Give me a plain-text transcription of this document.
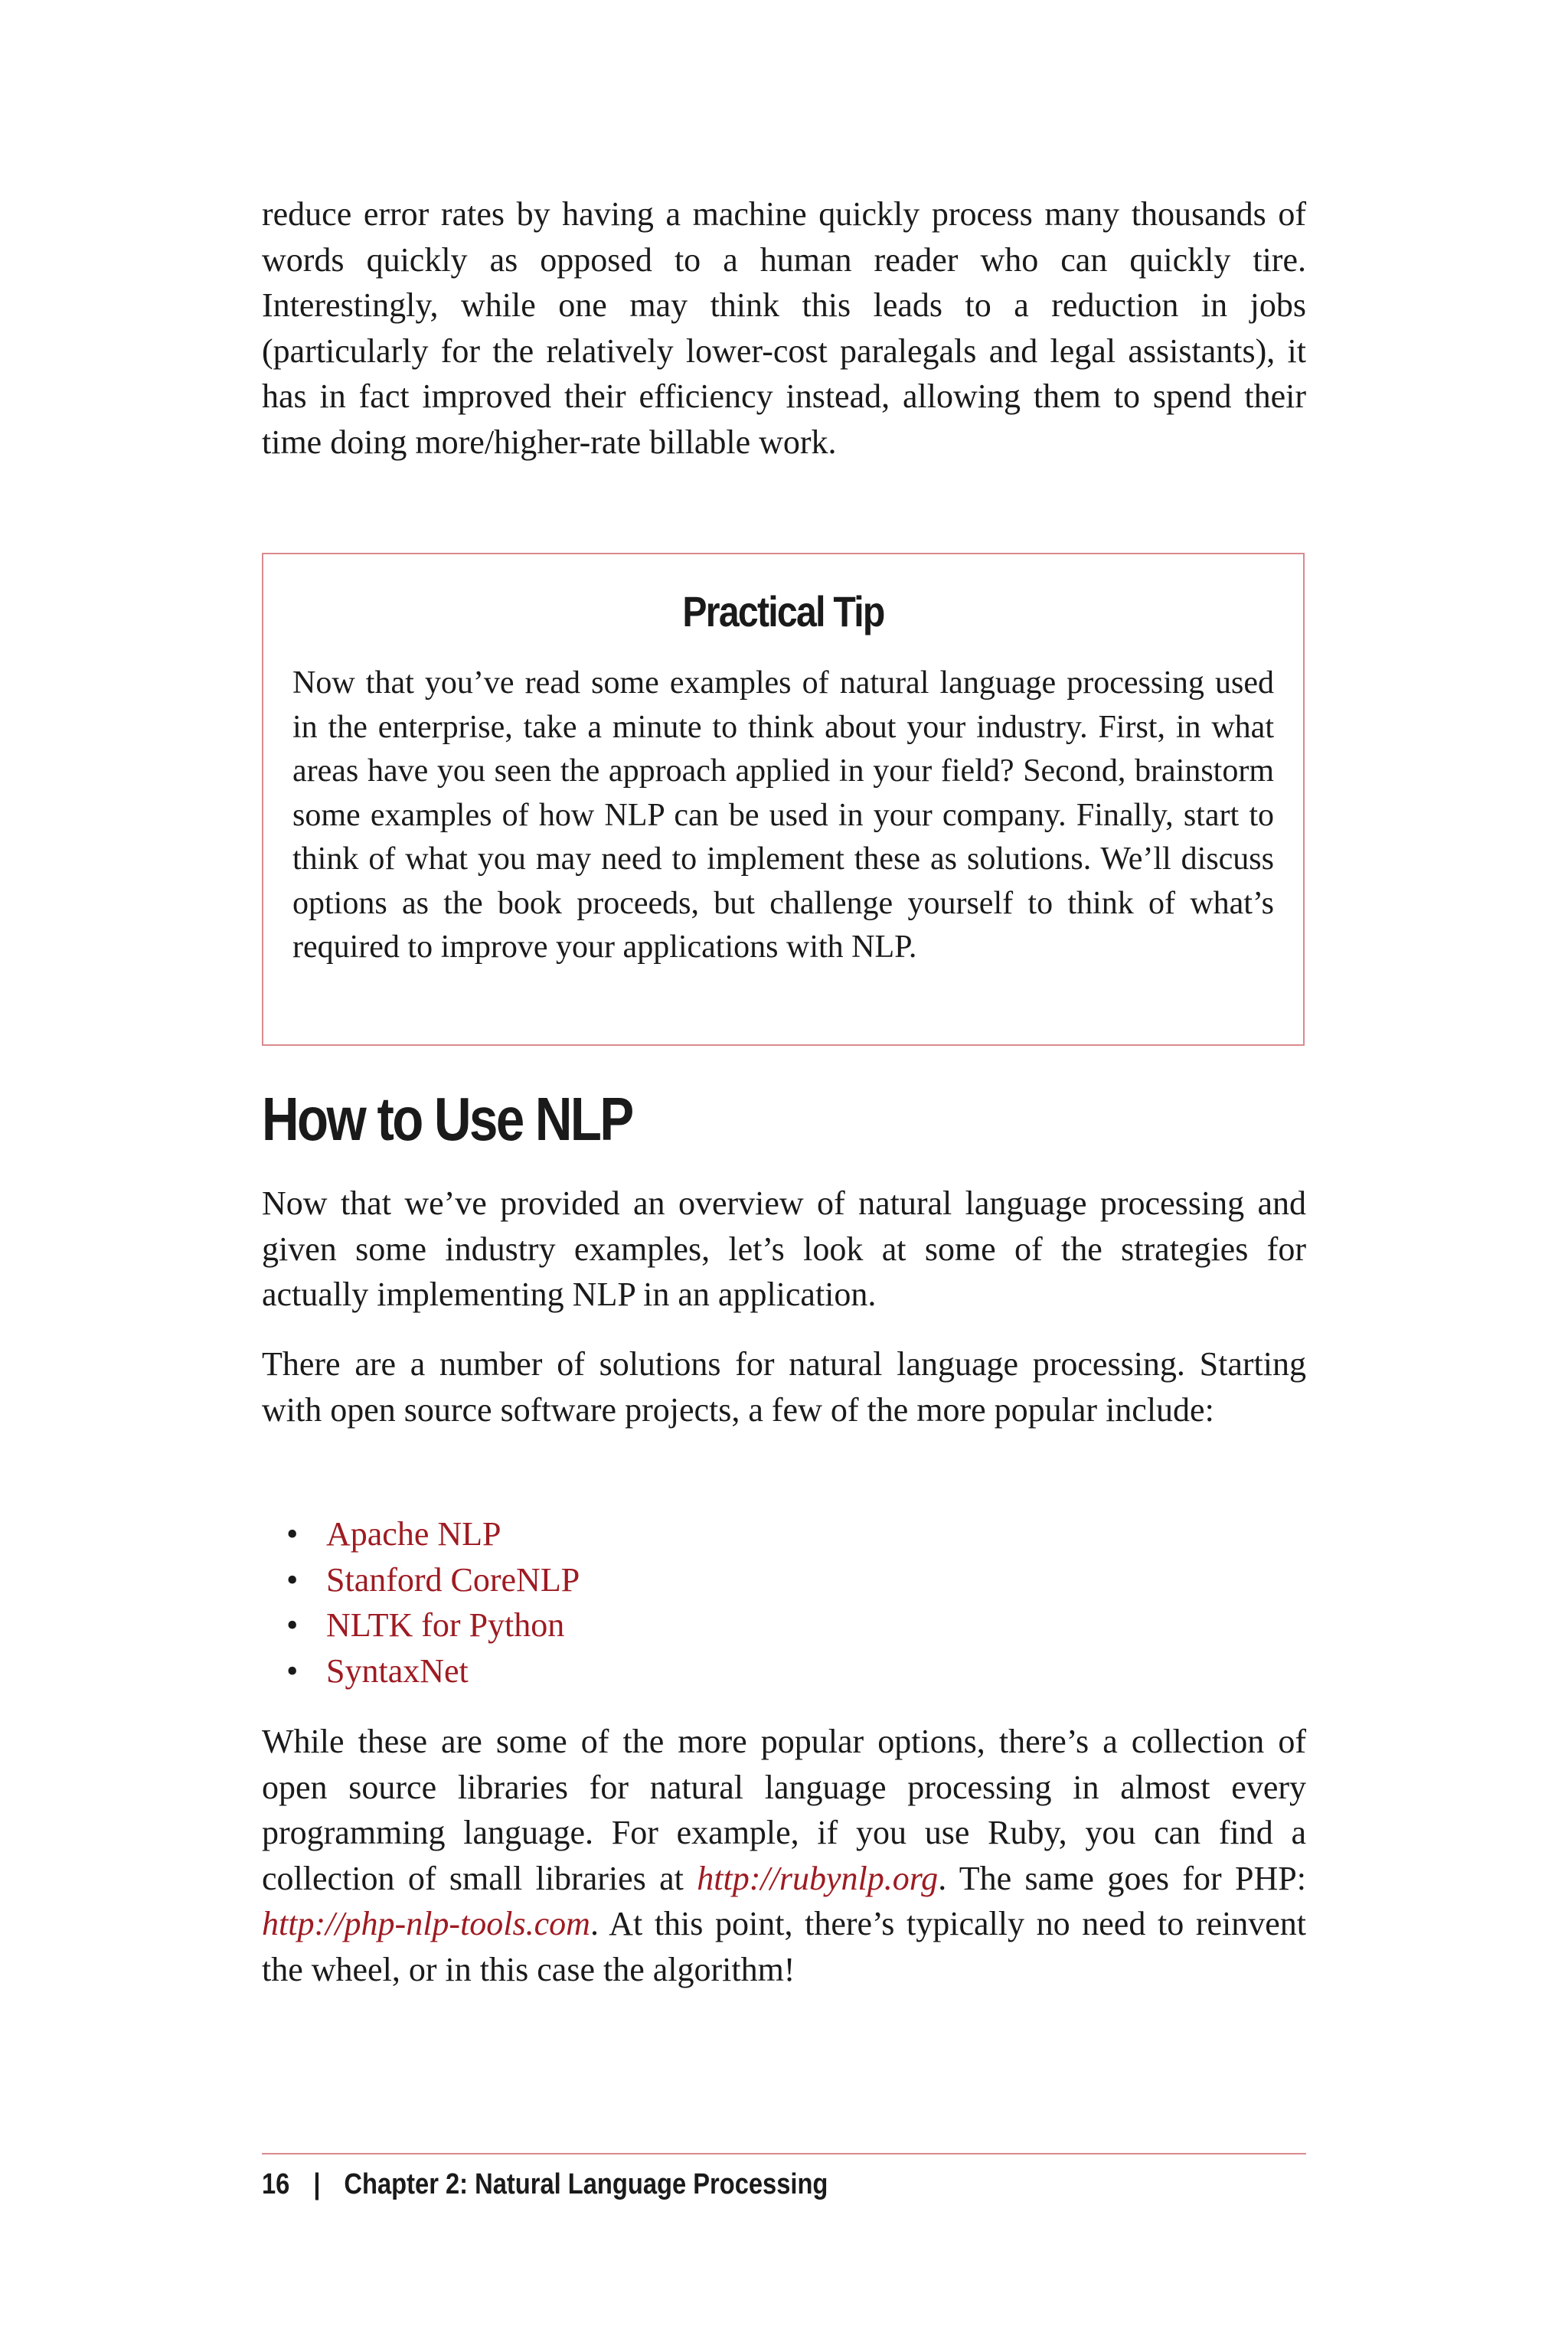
reduce error rates by having a machine quickly process many thousands of words quickly as opposed to a human reader who can quickly tire. Interestingly, while one may think this leads to a reduction in jobs (particularly for the relatively lower-cost paralegals and legal assistants), it has in fact improved their efficiency instead, allowing them to spend their time doing more/higher-rate billable work.

Practical Tip

Now that you’ve read some examples of natural language processing used in the enterprise, take a minute to think about your industry. First, in what areas have you seen the approach applied in your field? Second, brainstorm some examples of how NLP can be used in your company. Finally, start to think of what you may need to implement these as solutions. We’ll discuss options as the book proceeds, but challenge yourself to think of what’s required to improve your applications with NLP.

How to Use NLP

Now that we’ve provided an overview of natural language processing and given some industry examples, let’s look at some of the strategies for actually implementing NLP in an application.

There are a number of solutions for natural language processing. Starting with open source software projects, a few of the more popular include:

• Apache NLP
• Stanford CoreNLP
• NLTK for Python
• SyntaxNet

While these are some of the more popular options, there’s a collection of open source libraries for natural language processing in almost every programming language. For example, if you use Ruby, you can find a collection of small libraries at http://rubynlp.org. The same goes for PHP: http://php-nlp-tools.com. At this point, there’s typically no need to reinvent the wheel, or in this case the algorithm!

16 | Chapter 2: Natural Language Processing
